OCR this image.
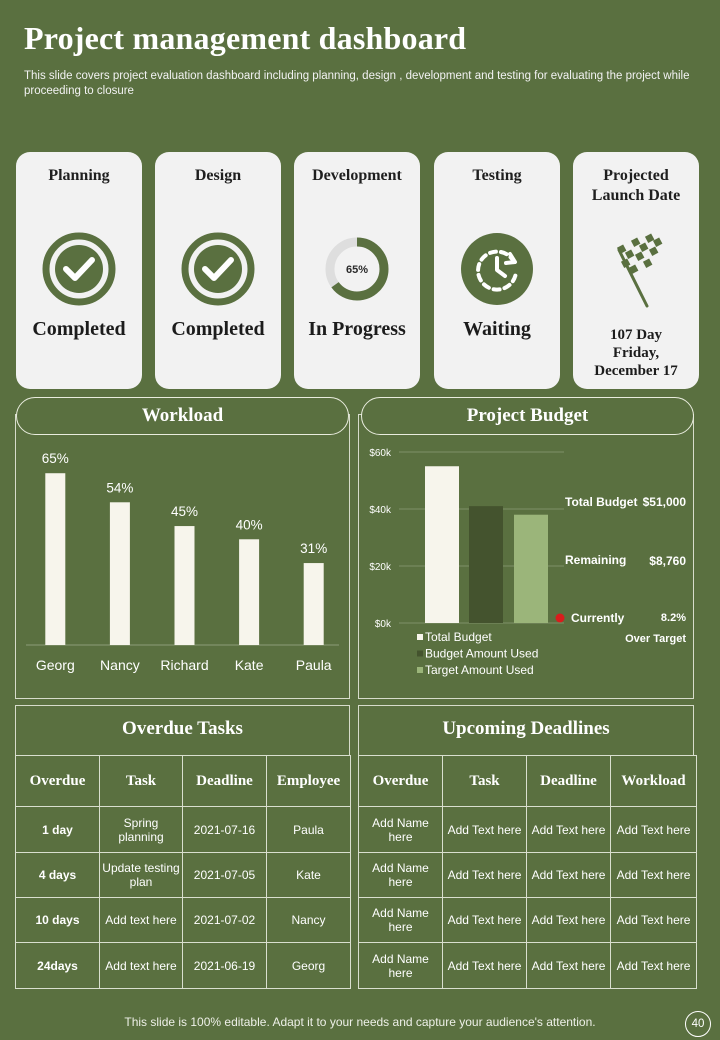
Project management dashboard
This slide covers project evaluation dashboard including planning, design , development and testing for evaluating the project while proceeding to closure
Planning
Completed
Design
Completed
Development
65%
In Progress
Testing
Waiting
Projected
Launch Date
107 Day
Friday,
December 17
Workload
65%
Georg
54%
Nancy
45%
Richard
40%
Kate
31%
Paula
Project Budget
Total Budget $51,000
Remaining $8,760
Currently	8.2%
Over Target
$0k
$20k
$40k
$60k
Total Budget
Budget Amount Used
Target Amount Used
Overdue Tasks
Overdue	Task	Deadline	Employee
1 day	Spring planning	2021-07-16	Paula
4 days	Update testing plan	2021-07-05	Kate
10 days	Add text here	2021-07-02	Nancy
24days	Add text here	2021-06-19	Georg
Upcoming Deadlines
Overdue	Task	Deadline	Workload
Add Name here	Add Text here	Add Text here	Add Text here
Add Name here	Add Text here	Add Text here	Add Text here
Add Name here	Add Text here	Add Text here	Add Text here
Add Name here	Add Text here	Add Text here	Add Text here
This slide is 100% editable. Adapt it to your needs and capture your audience's attention.	40
